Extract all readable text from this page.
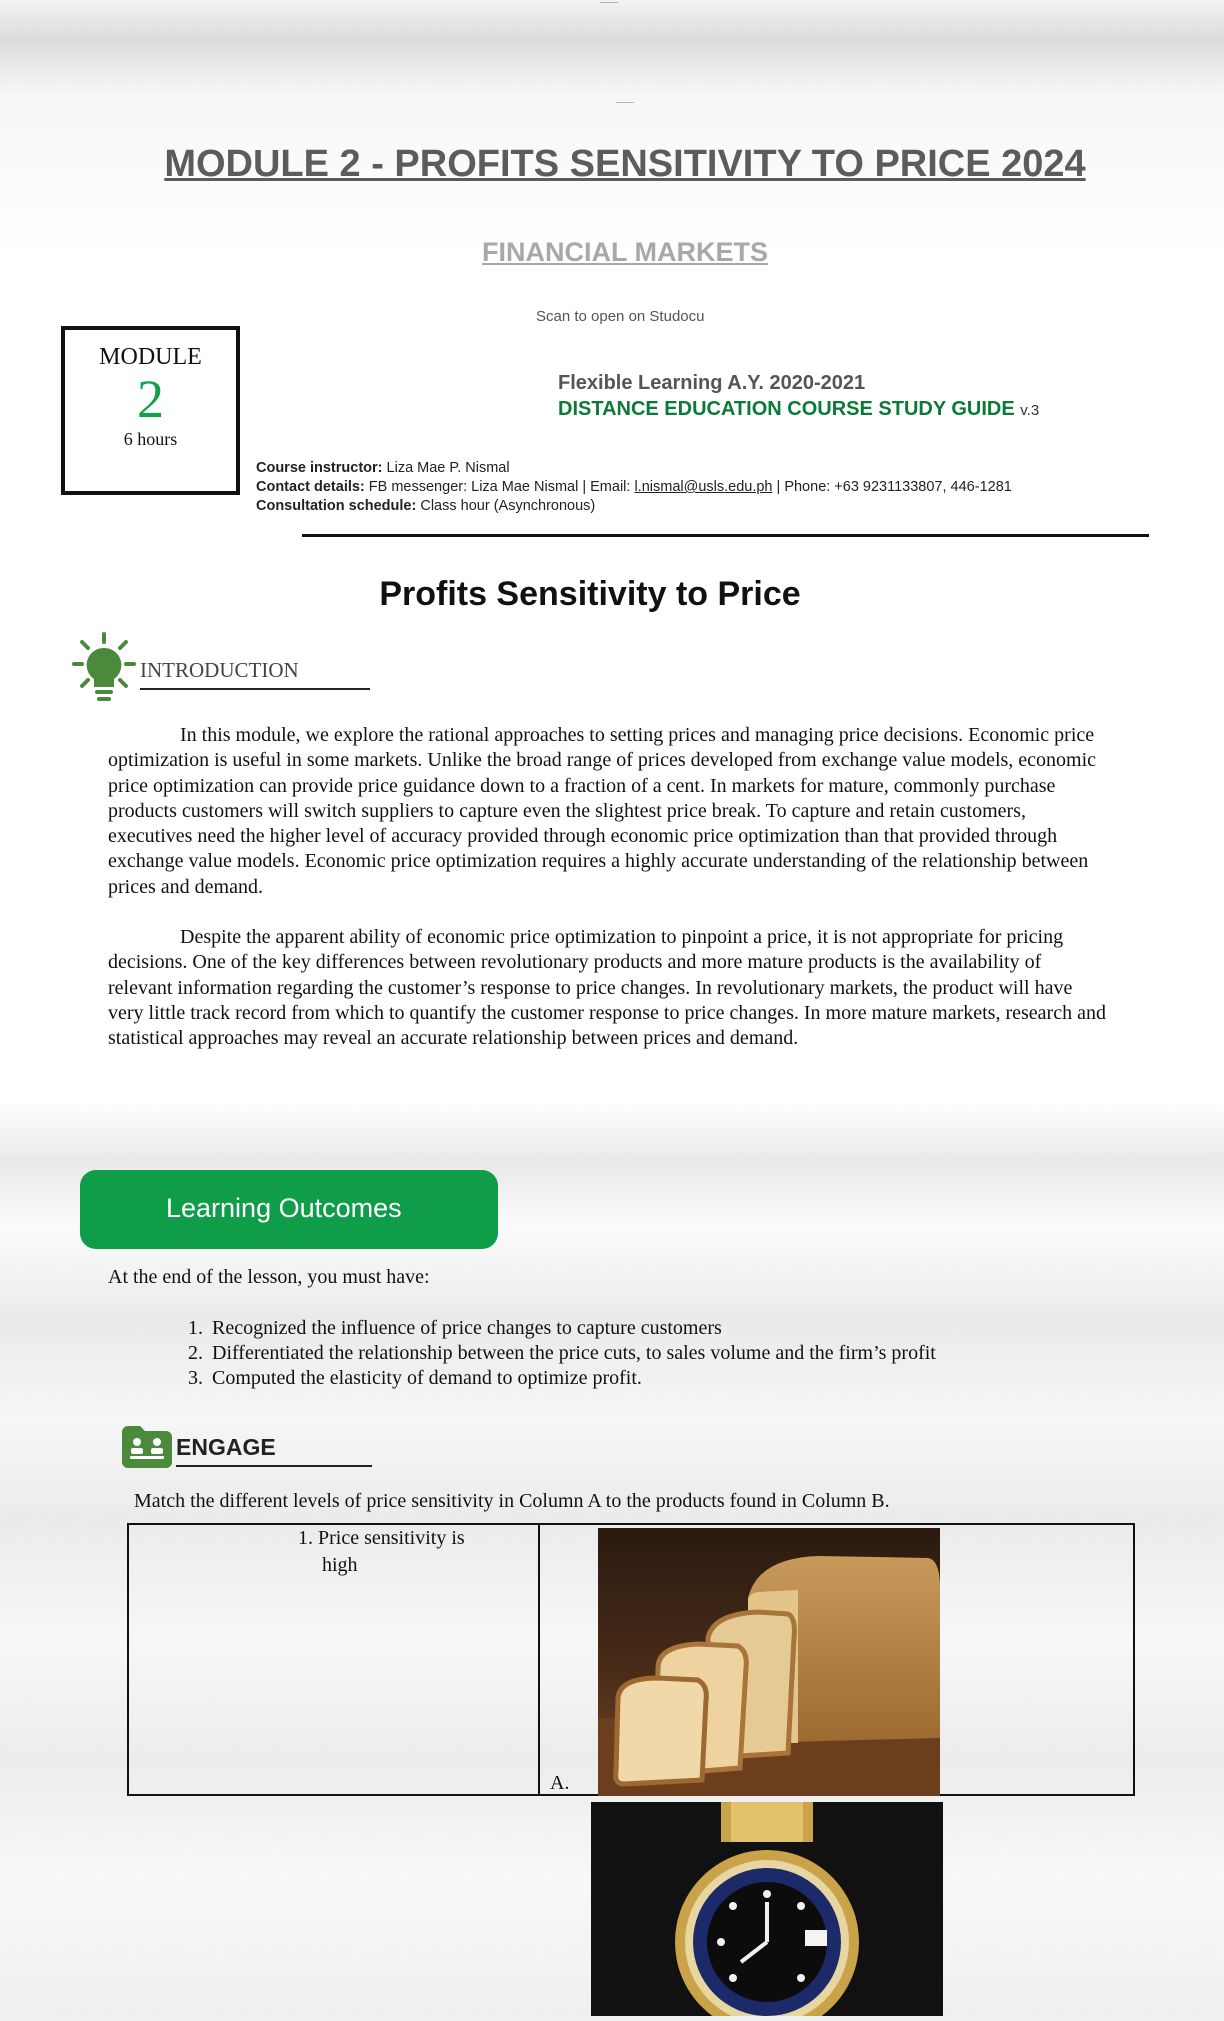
———
———
MODULE 2 - PROFITS SENSITIVITY TO PRICE 2024
FINANCIAL MARKETS
Scan to open on Studocu
MODULE
2
6 hours
Flexible Learning A.Y. 2020-2021
DISTANCE EDUCATION COURSE STUDY GUIDE v.3
Course instructor: Liza Mae P. Nismal
Contact details: FB messenger: Liza Mae Nismal | Email: l.nismal@usls.edu.ph | Phone: +63 9231133807, 446-1281
Consultation schedule: Class hour (Asynchronous)
Profits Sensitivity to Price
INTRODUCTION

In this module, we explore the rational approaches to setting prices and managing price decisions. Economic price optimization is useful in some markets. Unlike the broad range of prices developed from exchange value models, economic price optimization can provide price guidance down to a fraction of a cent. In markets for mature, commonly purchase products customers will switch suppliers to capture even the slightest price break. To capture and retain customers, executives need the higher level of accuracy provided through economic price optimization than that provided through exchange value models. Economic price optimization requires a highly accurate understanding of the relationship between prices and demand.

Despite the apparent ability of economic price optimization to pinpoint a price, it is not appropriate for pricing decisions. One of the key differences between revolutionary products and more mature products is the availability of relevant information regarding the customer’s response to price changes. In revolutionary markets, the product will have very little track record from which to quantify the customer response to price changes. In more mature markets, research and statistical approaches may reveal an accurate relationship between prices and demand.

Learning Outcomes
At the end of the lesson, you must have:
1. Recognized the influence of price changes to capture customers
2. Differentiated the relationship between the price cuts, to sales volume and the firm’s profit
3. Computed the elasticity of demand to optimize profit.
ENGAGE
Match the different levels of price sensitivity in Column A to the products found in Column B.
1. Price sensitivity is
high
A.
